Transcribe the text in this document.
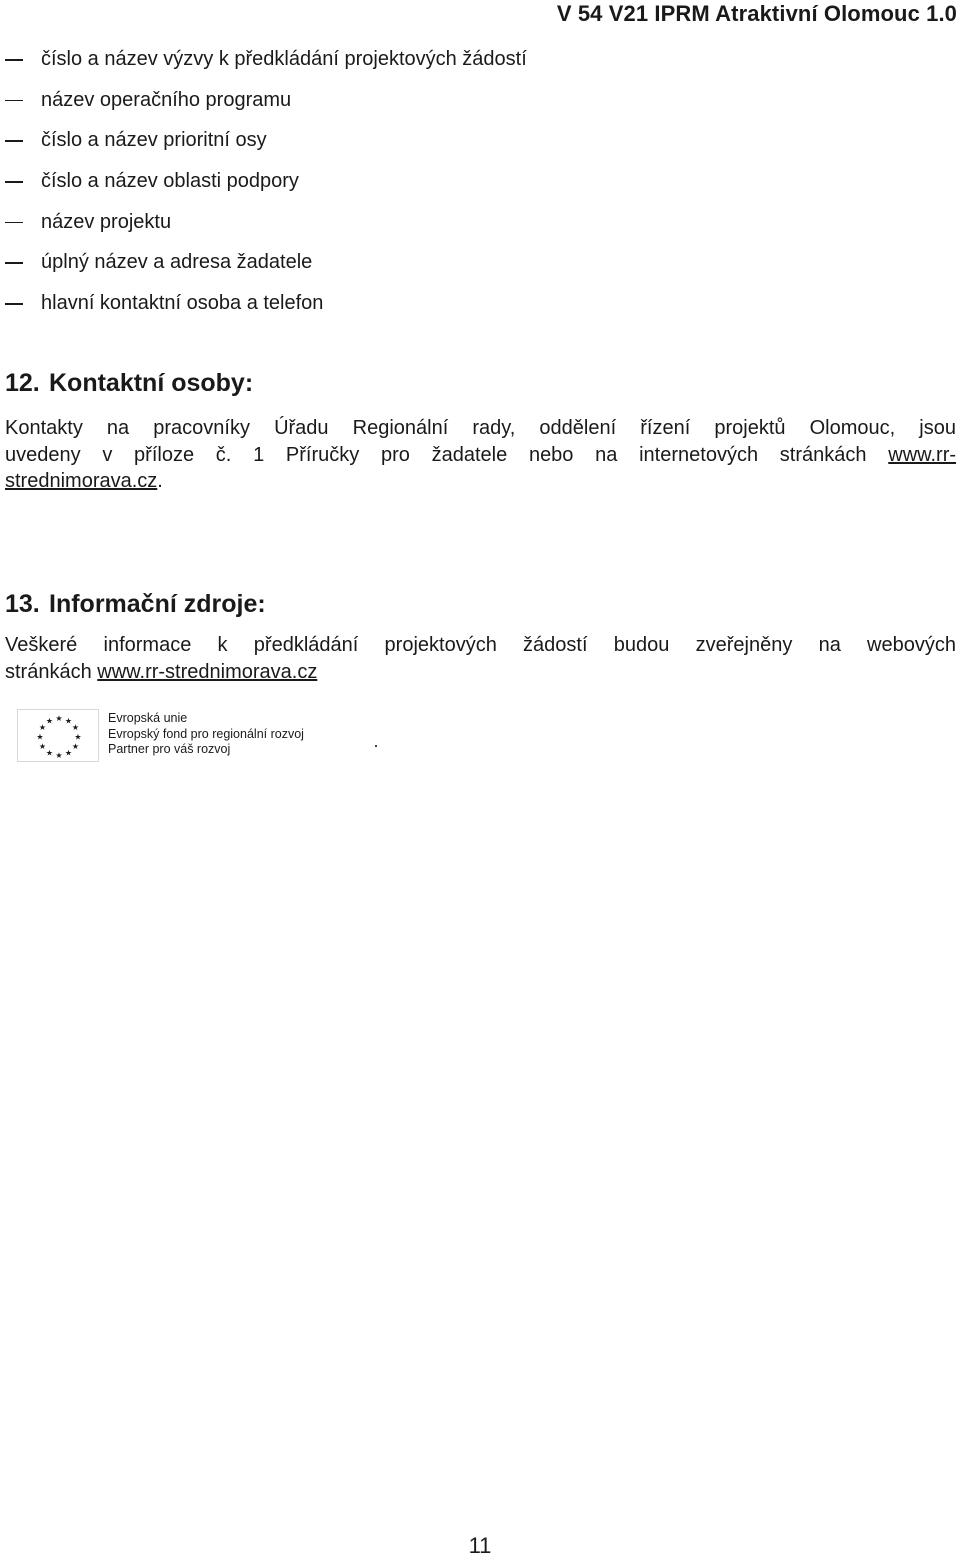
V 54 V21 IPRM Atraktivní Olomouc 1.0
číslo a název výzvy k předkládání projektových žádostí
název operačního programu
číslo a název prioritní osy
číslo a název oblasti podpory
název projektu
úplný název a adresa žadatele
hlavní kontaktní osoba a telefon
12. Kontaktní osoby:
Kontakty na pracovníky Úřadu Regionální rady, oddělení řízení projektů Olomouc, jsou
uvedeny v příloze č. 1 Příručky pro žadatele nebo na internetových stránkách www.rr-
strednimorava.cz.
13. Informační zdroje:
Veškeré informace k předkládání projektových žádostí budou zveřejněny na webových
stránkách www.rr-strednimorava.cz
★ ★
★
★
★
★
★
★
★
★
★
★	Evropská unie
Evropský fond pro regionální rozvoj
Partner pro váš rozvoj
11
